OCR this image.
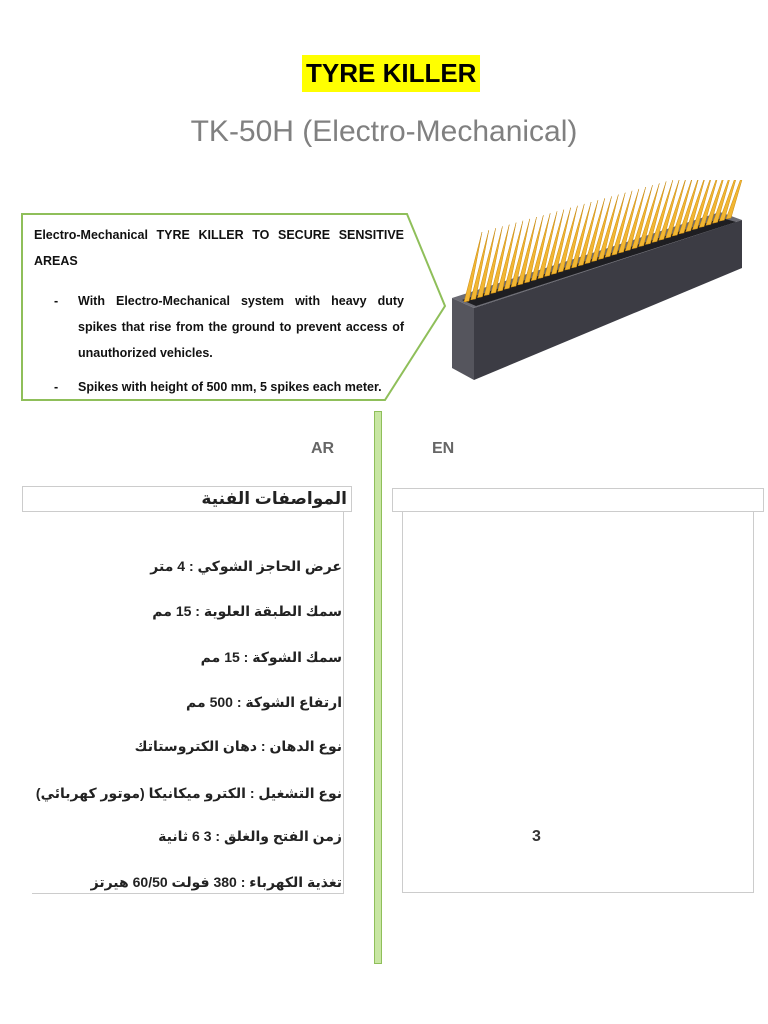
TYRE KILLER
TK-50H (Electro-Mechanical)

Electro-Mechanical TYRE KILLER TO SECURE SENSITIVE AREAS

- With Electro-Mechanical system with heavy duty spikes that rise from the ground to prevent access of unauthorized vehicles.
- Spikes with height of 500 mm, 5 spikes each meter.
AR	EN
المواصفات الفنية
عرض الحاجز الشوكي : 4 متر
سمك الطبقة العلوية : 15 مم
سمك الشوكة : 15 مم
ارتفاع الشوكة : 500 مم
نوع الدهان : دهان الكتروستاتك
نوع التشغيل : الكترو ميكانيكا (موتور كهربائي)
زمن الفتح والغلق : 3 6 ثانية
تغذية الكهرباء : 380 فولت 60/50 هيرتز
3
